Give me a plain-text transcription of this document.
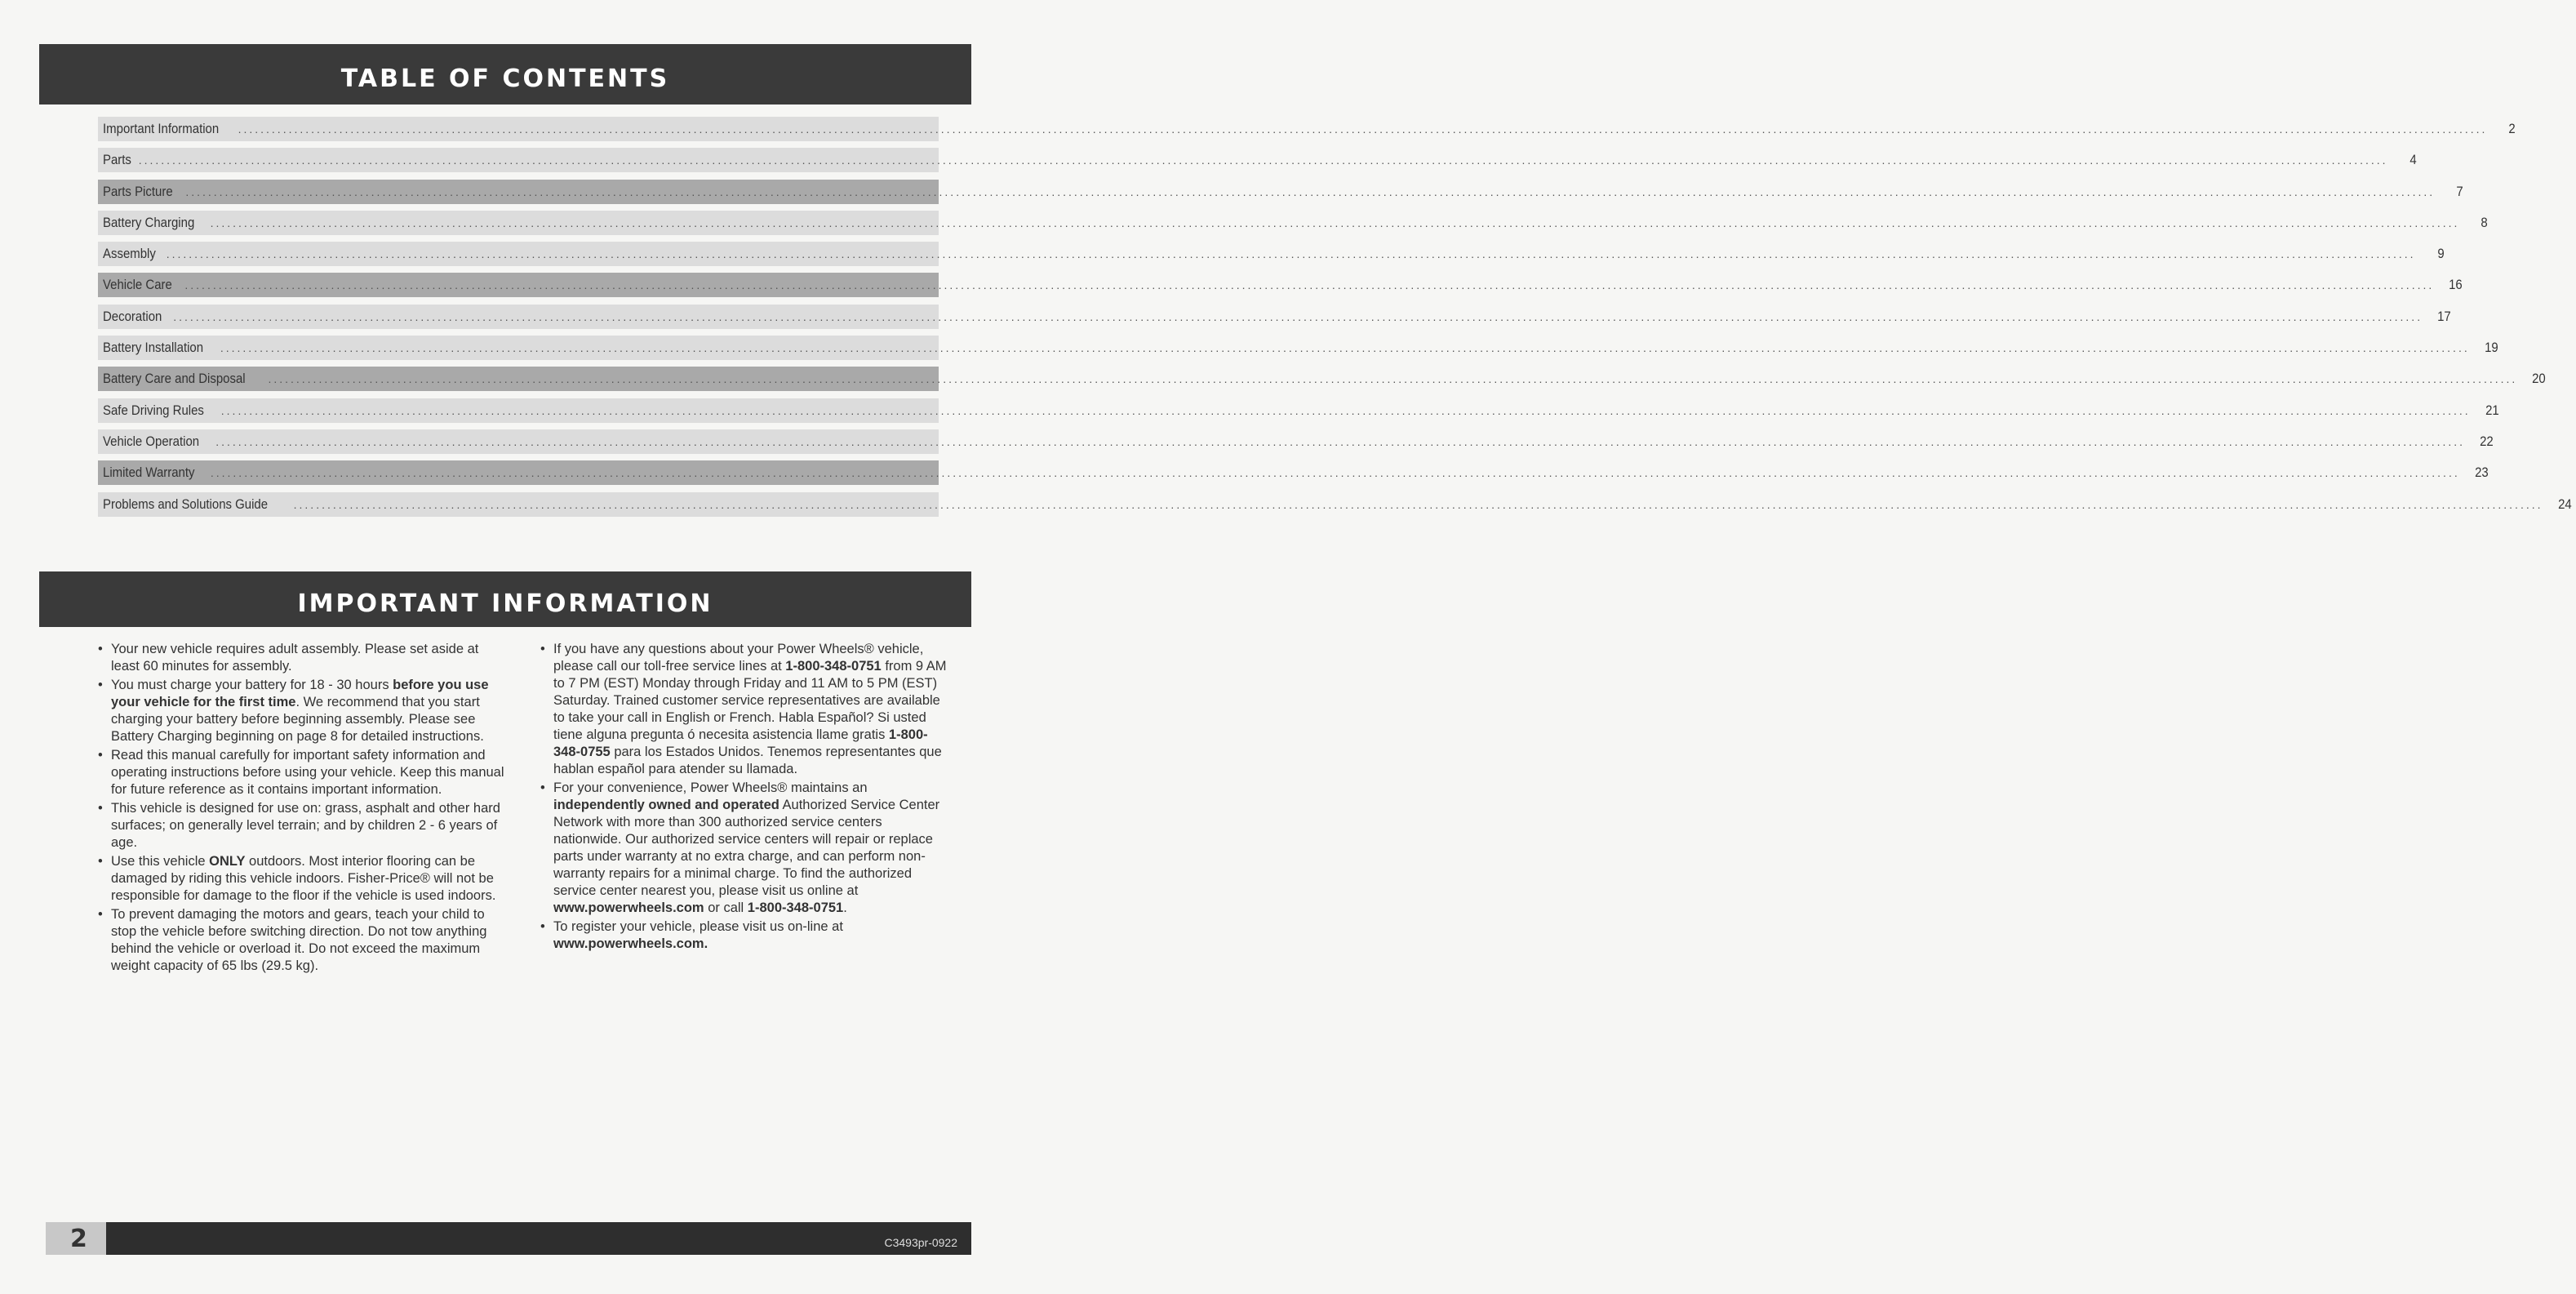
TABLE OF CONTENTS
Important Information ................................................................................................................................................................................................................................................................................................................................................................................................................	2
Parts ................................................................................................................................................................................................................................................................................................................................................................................................................	4
Parts Picture ................................................................................................................................................................................................................................................................................................................................................................................................................	7
Battery Charging ................................................................................................................................................................................................................................................................................................................................................................................................................	8
Assembly ................................................................................................................................................................................................................................................................................................................................................................................................................	9
Vehicle Care ................................................................................................................................................................................................................................................................................................................................................................................................................	16
Decoration ................................................................................................................................................................................................................................................................................................................................................................................................................	17
Battery Installation ................................................................................................................................................................................................................................................................................................................................................................................................................	19
Battery Care and Disposal ................................................................................................................................................................................................................................................................................................................................................................................................................	20
Safe Driving Rules ................................................................................................................................................................................................................................................................................................................................................................................................................	21
Vehicle Operation ................................................................................................................................................................................................................................................................................................................................................................................................................	22
Limited Warranty ................................................................................................................................................................................................................................................................................................................................................................................................................	23
Problems and Solutions Guide ................................................................................................................................................................................................................................................................................................................................................................................................................	24
IMPORTANT INFORMATION
• Your new vehicle requires adult assembly. Please set aside at least 60 minutes for assembly.
• You must charge your battery for 18 - 30 hours before you use your vehicle for the first time. We recommend that you start charging your battery before beginning assembly. Please see Battery Charging beginning on page 8 for detailed instructions.
• Read this manual carefully for important safety information and operating instructions before using your vehicle. Keep this manual for future reference as it contains important information.
• This vehicle is designed for use on: grass, asphalt and other hard surfaces; on generally level terrain; and by children 2 - 6 years of age.
• Use this vehicle ONLY outdoors. Most interior flooring can be damaged by riding this vehicle indoors. Fisher-Price® will not be responsible for damage to the floor if the vehicle is used indoors.
• To prevent damaging the motors and gears, teach your child to stop the vehicle before switching direction. Do not tow anything behind the vehicle or overload it. Do not exceed the maximum weight capacity of 65 lbs (29.5 kg).
• If you have any questions about your Power Wheels® vehicle, please call our toll-free service lines at 1-800-348-0751 from 9 AM to 7 PM (EST) Monday through Friday and 11 AM to 5 PM (EST) Saturday. Trained customer service representatives are available to take your call in English or French. Habla Español? Si usted tiene alguna pregunta ó necesita asistencia llame gratis 1-800-348-0755 para los Estados Unidos. Tenemos representantes que hablan español para atender su llamada.
• For your convenience, Power Wheels® maintains an independently owned and operated Authorized Service Center Network with more than 300 authorized service centers nationwide. Our authorized service centers will repair or replace parts under warranty at no extra charge, and can perform non-warranty repairs for a minimal charge. To find the authorized service center nearest you, please visit us online at www.powerwheels.com or call 1-800-348-0751.
• To register your vehicle, please visit us on-line at www.powerwheels.com.
2	C3493pr-0922
